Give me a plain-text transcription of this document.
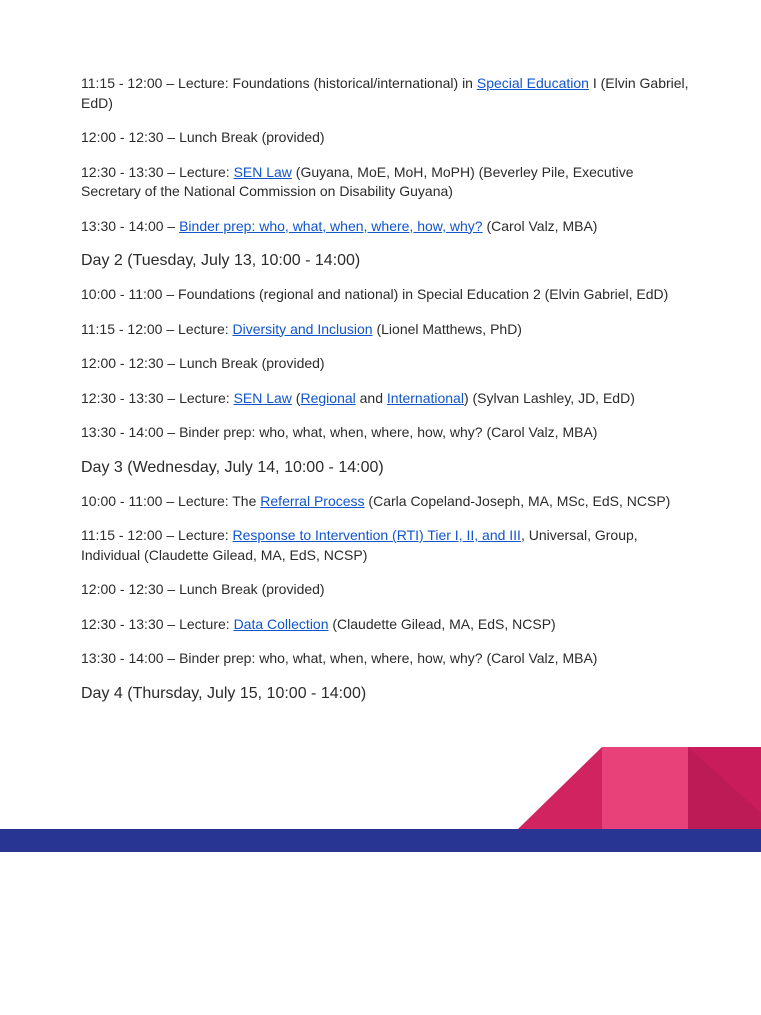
11:15 - 12:00 – Lecture: Foundations (historical/international) in Special Education I (Elvin Gabriel, EdD)

12:00 - 12:30 – Lunch Break (provided)

12:30 - 13:30 – Lecture: SEN Law (Guyana, MoE, MoH, MoPH) (Beverley Pile, Executive Secretary of the National Commission on Disability Guyana)

13:30 - 14:00 – Binder prep: who, what, when, where, how, why? (Carol Valz, MBA)

Day 2 (Tuesday, July 13, 10:00 - 14:00)

10:00 - 11:00 – Foundations (regional and national) in Special Education 2 (Elvin Gabriel, EdD)

11:15 - 12:00 – Lecture: Diversity and Inclusion (Lionel Matthews, PhD)

12:00 - 12:30 – Lunch Break (provided)

12:30 - 13:30 – Lecture: SEN Law (Regional and International) (Sylvan Lashley, JD, EdD)

13:30 - 14:00 – Binder prep: who, what, when, where, how, why? (Carol Valz, MBA)

Day 3 (Wednesday, July 14, 10:00 - 14:00)

10:00 - 11:00 – Lecture: The Referral Process (Carla Copeland-Joseph, MA, MSc, EdS, NCSP)

11:15 - 12:00 – Lecture: Response to Intervention (RTI) Tier I, II, and III, Universal, Group, Individual (Claudette Gilead, MA, EdS, NCSP)

12:00 - 12:30 – Lunch Break (provided)

12:30 - 13:30 – Lecture: Data Collection (Claudette Gilead, MA, EdS, NCSP)

13:30 - 14:00 – Binder prep: who, what, when, where, how, why? (Carol Valz, MBA)

Day 4 (Thursday, July 15, 10:00 - 14:00)
